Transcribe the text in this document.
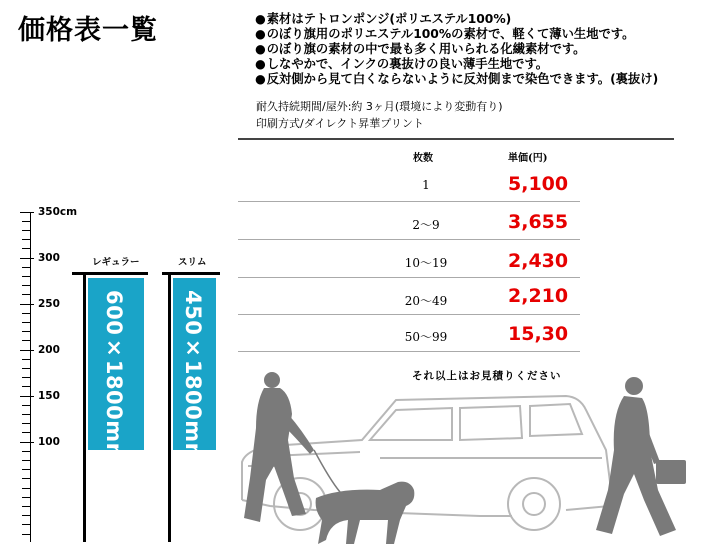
価格表一覧
●	素材はテトロンポンジ(ポリエステル100%)
● のぼり旗用のポリエステル100%の素材で、軽くて薄い生地です。
● のぼり旗の素材の中で最も多く用いられる化繊素材です。
● しなやかで、インクの裏抜けの良い薄手生地です。
● 反対側から見て白くならないように反対側まで染色できます。(裏抜け)
耐久持続期間/屋外:約 3ヶ月(環境により変動有り)
印刷方式/ダイレクト昇華プリント
枚数	単価(円)
1	5,100
2〜9	3,655
10〜19	2,430
20〜49	2,210
50〜99	15,30
それ以上はお見積りください
350cm
300
250
200
150
100
レギュラー
600×1800mm
スリム
450×1800mm
